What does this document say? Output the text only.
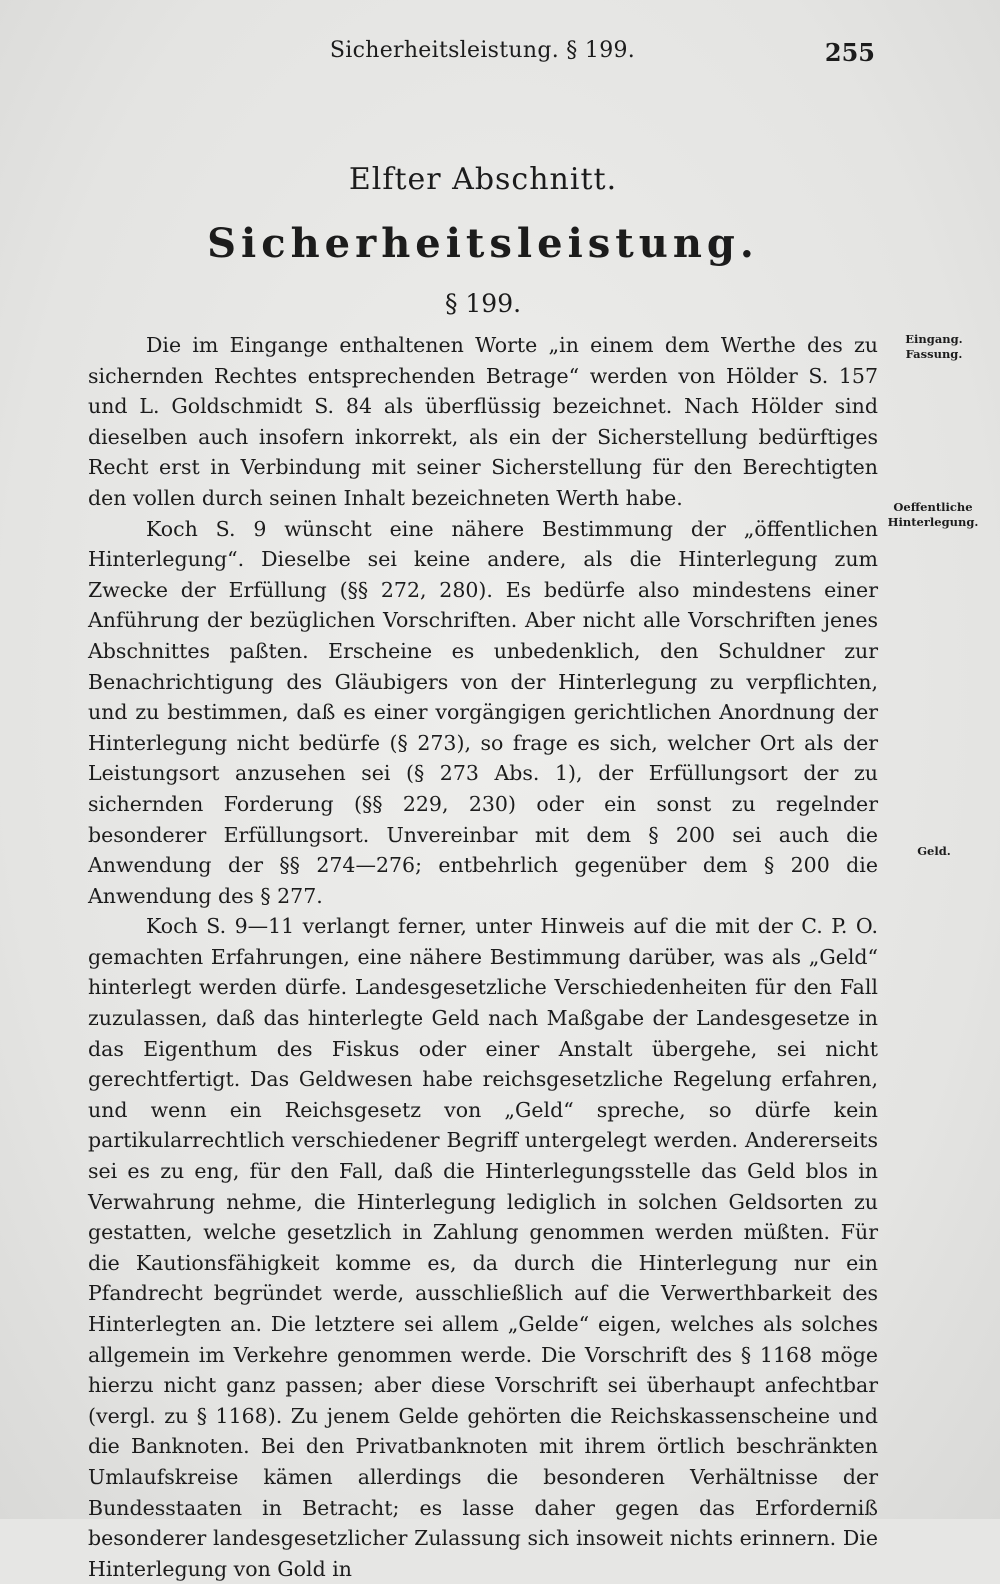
Sicherheitsleistung. § 199.	255
Elfter Abschnitt.
Sicherheitsleistung.
§ 199.

Die im Eingange enthaltenen Worte „in einem dem Werthe des zu sichernden Rechtes entsprechenden Betrage“ werden von Hölder S. 157 und L. Goldschmidt S. 84 als überflüssig bezeichnet. Nach Hölder sind dieselben auch insofern inkorrekt, als ein der Sicherstellung bedürftiges Recht erst in Verbindung mit seiner Sicherstellung für den Berechtigten den vollen durch seinen Inhalt bezeichneten Werth habe.

Koch S. 9 wünscht eine nähere Bestimmung der „öffentlichen Hinterlegung“. Dieselbe sei keine andere, als die Hinterlegung zum Zwecke der Erfüllung (§§ 272, 280). Es bedürfe also mindestens einer Anführung der bezüglichen Vorschriften. Aber nicht alle Vorschriften jenes Abschnittes paßten. Erscheine es unbedenklich, den Schuldner zur Benachrichtigung des Gläubigers von der Hinterlegung zu verpflichten, und zu bestimmen, daß es einer vorgängigen gerichtlichen Anordnung der Hinterlegung nicht bedürfe (§ 273), so frage es sich, welcher Ort als der Leistungsort anzusehen sei (§ 273 Abs. 1), der Erfüllungsort der zu sichernden Forderung (§§ 229, 230) oder ein sonst zu regelnder besonderer Erfüllungsort. Unvereinbar mit dem § 200 sei auch die Anwendung der §§ 274—276; entbehrlich gegenüber dem § 200 die Anwendung des § 277.

Koch S. 9—11 verlangt ferner, unter Hinweis auf die mit der C. P. O. gemachten Erfahrungen, eine nähere Bestimmung darüber, was als „Geld“ hinterlegt werden dürfe. Landesgesetzliche Verschiedenheiten für den Fall zuzulassen, daß das hinterlegte Geld nach Maßgabe der Landesgesetze in das Eigenthum des Fiskus oder einer Anstalt übergehe, sei nicht gerechtfertigt. Das Geldwesen habe reichsgesetzliche Regelung erfahren, und wenn ein Reichsgesetz von „Geld“ spreche, so dürfe kein partikularrechtlich verschiedener Begriff untergelegt werden. Andererseits sei es zu eng, für den Fall, daß die Hinterlegungsstelle das Geld blos in Verwahrung nehme, die Hinterlegung lediglich in solchen Geldsorten zu gestatten, welche gesetzlich in Zahlung genommen werden müßten. Für die Kautionsfähigkeit komme es, da durch die Hinterlegung nur ein Pfandrecht begründet werde, ausschließlich auf die Verwerthbarkeit des Hinterlegten an. Die letztere sei allem „Gelde“ eigen, welches als solches allgemein im Verkehre genommen werde. Die Vorschrift des § 1168 möge hierzu nicht ganz passen; aber diese Vorschrift sei überhaupt anfechtbar (vergl. zu § 1168). Zu jenem Gelde gehörten die Reichskassenscheine und die Banknoten. Bei den Privatbanknoten mit ihrem örtlich beschränkten Umlaufskreise kämen allerdings die besonderen Verhältnisse der Bundesstaaten in Betracht; es lasse daher gegen das Erforderniß besonderer landesgesetzlicher Zulassung sich insoweit nichts erinnern. Die Hinterlegung von Gold in

Eingang. Fassung.
Oeffentliche Hinterlegung.
Geld.
